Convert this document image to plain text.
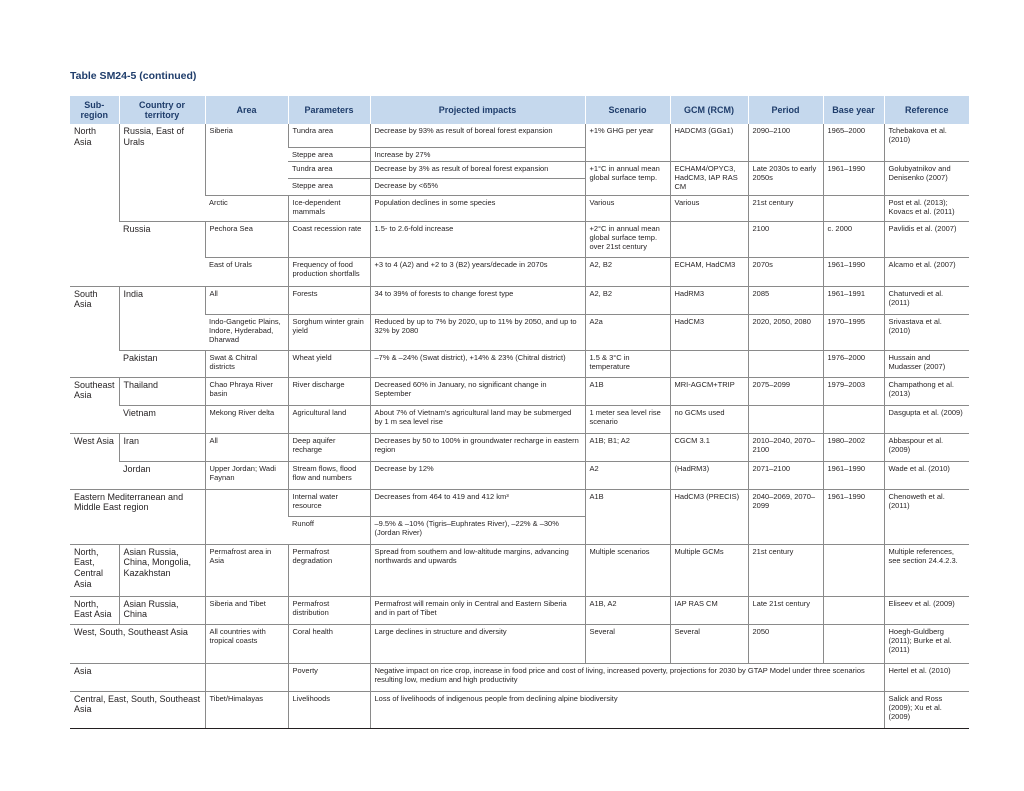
Table SM24-5 (continued)
Sub-
region	Country or territory	Area	Parameters	Projected impacts	Scenario	GCM (RCM)	Period	Base year	Reference
North Asia	Russia, East of Urals	Siberia	Tundra area	Decrease by 93% as result of boreal forest expansion	+1% GHG per year	HADCM3 (GGa1)	2090–2100	1965–2000	Tchebakova et al. (2010)
			Steppe area	Increase by 27%					
			Tundra area	Decrease by 3% as result of boreal forest expansion	+1°C in annual mean global surface temp.	ECHAM4/OPYC3, HadCM3, IAP RAS CM	Late 2030s to early 2050s	1961–1990	Golubyatnikov and Denisenko (2007)
			Steppe area	Decrease by <65%					
		Arctic	Ice-dependent mammals	Population declines in some species	Various	Various	21st century		Post et al. (2013); Kovacs et al. (2011)
	Russia	Pechora Sea	Coast recession rate	1.5- to 2.6-fold increase	+2°C in annual mean global surface temp. over 21st century		2100	c. 2000	Pavlidis et al. (2007)
		East of Urals	Frequency of food production shortfalls	+3 to 4 (A2) and +2 to 3 (B2) years/decade in 2070s	A2, B2	ECHAM, HadCM3	2070s	1961–1990	Alcamo et al. (2007)
South Asia	India	All	Forests	34 to 39% of forests to change forest type	A2, B2	HadRM3	2085	1961–1991	Chaturvedi et al. (2011)
		Indo-Gangetic Plains, Indore, Hyderabad, Dharwad	Sorghum winter grain yield	Reduced by up to 7% by 2020, up to 11% by 2050, and up to 32% by 2080	A2a	HadCM3	2020, 2050, 2080	1970–1995	Srivastava et al. (2010)
	Pakistan	Swat & Chitral districts	Wheat yield	–7% & –24% (Swat district), +14% & 23% (Chitral district)	1.5 & 3°C in temperature			1976–2000	Hussain and Mudasser (2007)
Southeast Asia	Thailand	Chao Phraya River basin	River discharge	Decreased 60% in January, no significant change in September	A1B	MRI-AGCM+TRIP	2075–2099	1979–2003	Champathong et al. (2013)
	Vietnam	Mekong River delta	Agricultural land	About 7% of Vietnam's agricultural land may be submerged by 1 m sea level rise	1 meter sea level rise scenario	no GCMs used			Dasgupta et al. (2009)
West Asia	Iran	All	Deep aquifer recharge	Decreases by 50 to 100% in groundwater recharge in eastern region	A1B; B1; A2	CGCM 3.1	2010–2040, 2070–2100	1980–2002	Abbaspour et al. (2009)
	Jordan	Upper Jordan; Wadi Faynan	Stream flows, flood flow and numbers	Decrease by 12%	A2	(HadRM3)	2071–2100	1961–1990	Wade et al. (2010)
Eastern Mediterranean and Middle East region			Internal water resource	Decreases from 464 to 419 and 412 km³	A1B	HadCM3 (PRECIS)	2040–2069, 2070–2099	1961–1990	Chenoweth et al. (2011)
			Runoff	–9.5% & –10% (Tigris–Euphrates River), –22% & –30% (Jordan River)					
North, East, Central Asia	Asian Russia, China, Mongolia, Kazakhstan	Permafrost area in Asia	Permafrost degradation	Spread from southern and low-altitude margins, advancing northwards and upwards	Multiple scenarios	Multiple GCMs	21st century		Multiple references, see section 24.4.2.3.
North, East Asia	Asian Russia, China	Siberia and Tibet	Permafrost distribution	Permafrost will remain only in Central and Eastern Siberia and in part of Tibet	A1B, A2	IAP RAS CM	Late 21st century		Eliseev et al. (2009)
West, South, Southeast Asia		All countries with tropical coasts	Coral health	Large declines in structure and diversity	Several	Several	2050		Hoegh-Guldberg (2011); Burke et al. (2011)
Asia			Poverty	Negative impact on rice crop, increase in food price and cost of living, increased poverty, projections for 2030 by GTAP Model under three scenarios resulting low, medium and high productivity					Hertel et al. (2010)
Central, East, South, Southeast Asia		Tibet/Himalayas	Livelihoods	Loss of livelihoods of indigenous people from declining alpine biodiversity					Salick and Ross (2009); Xu et al. (2009)
